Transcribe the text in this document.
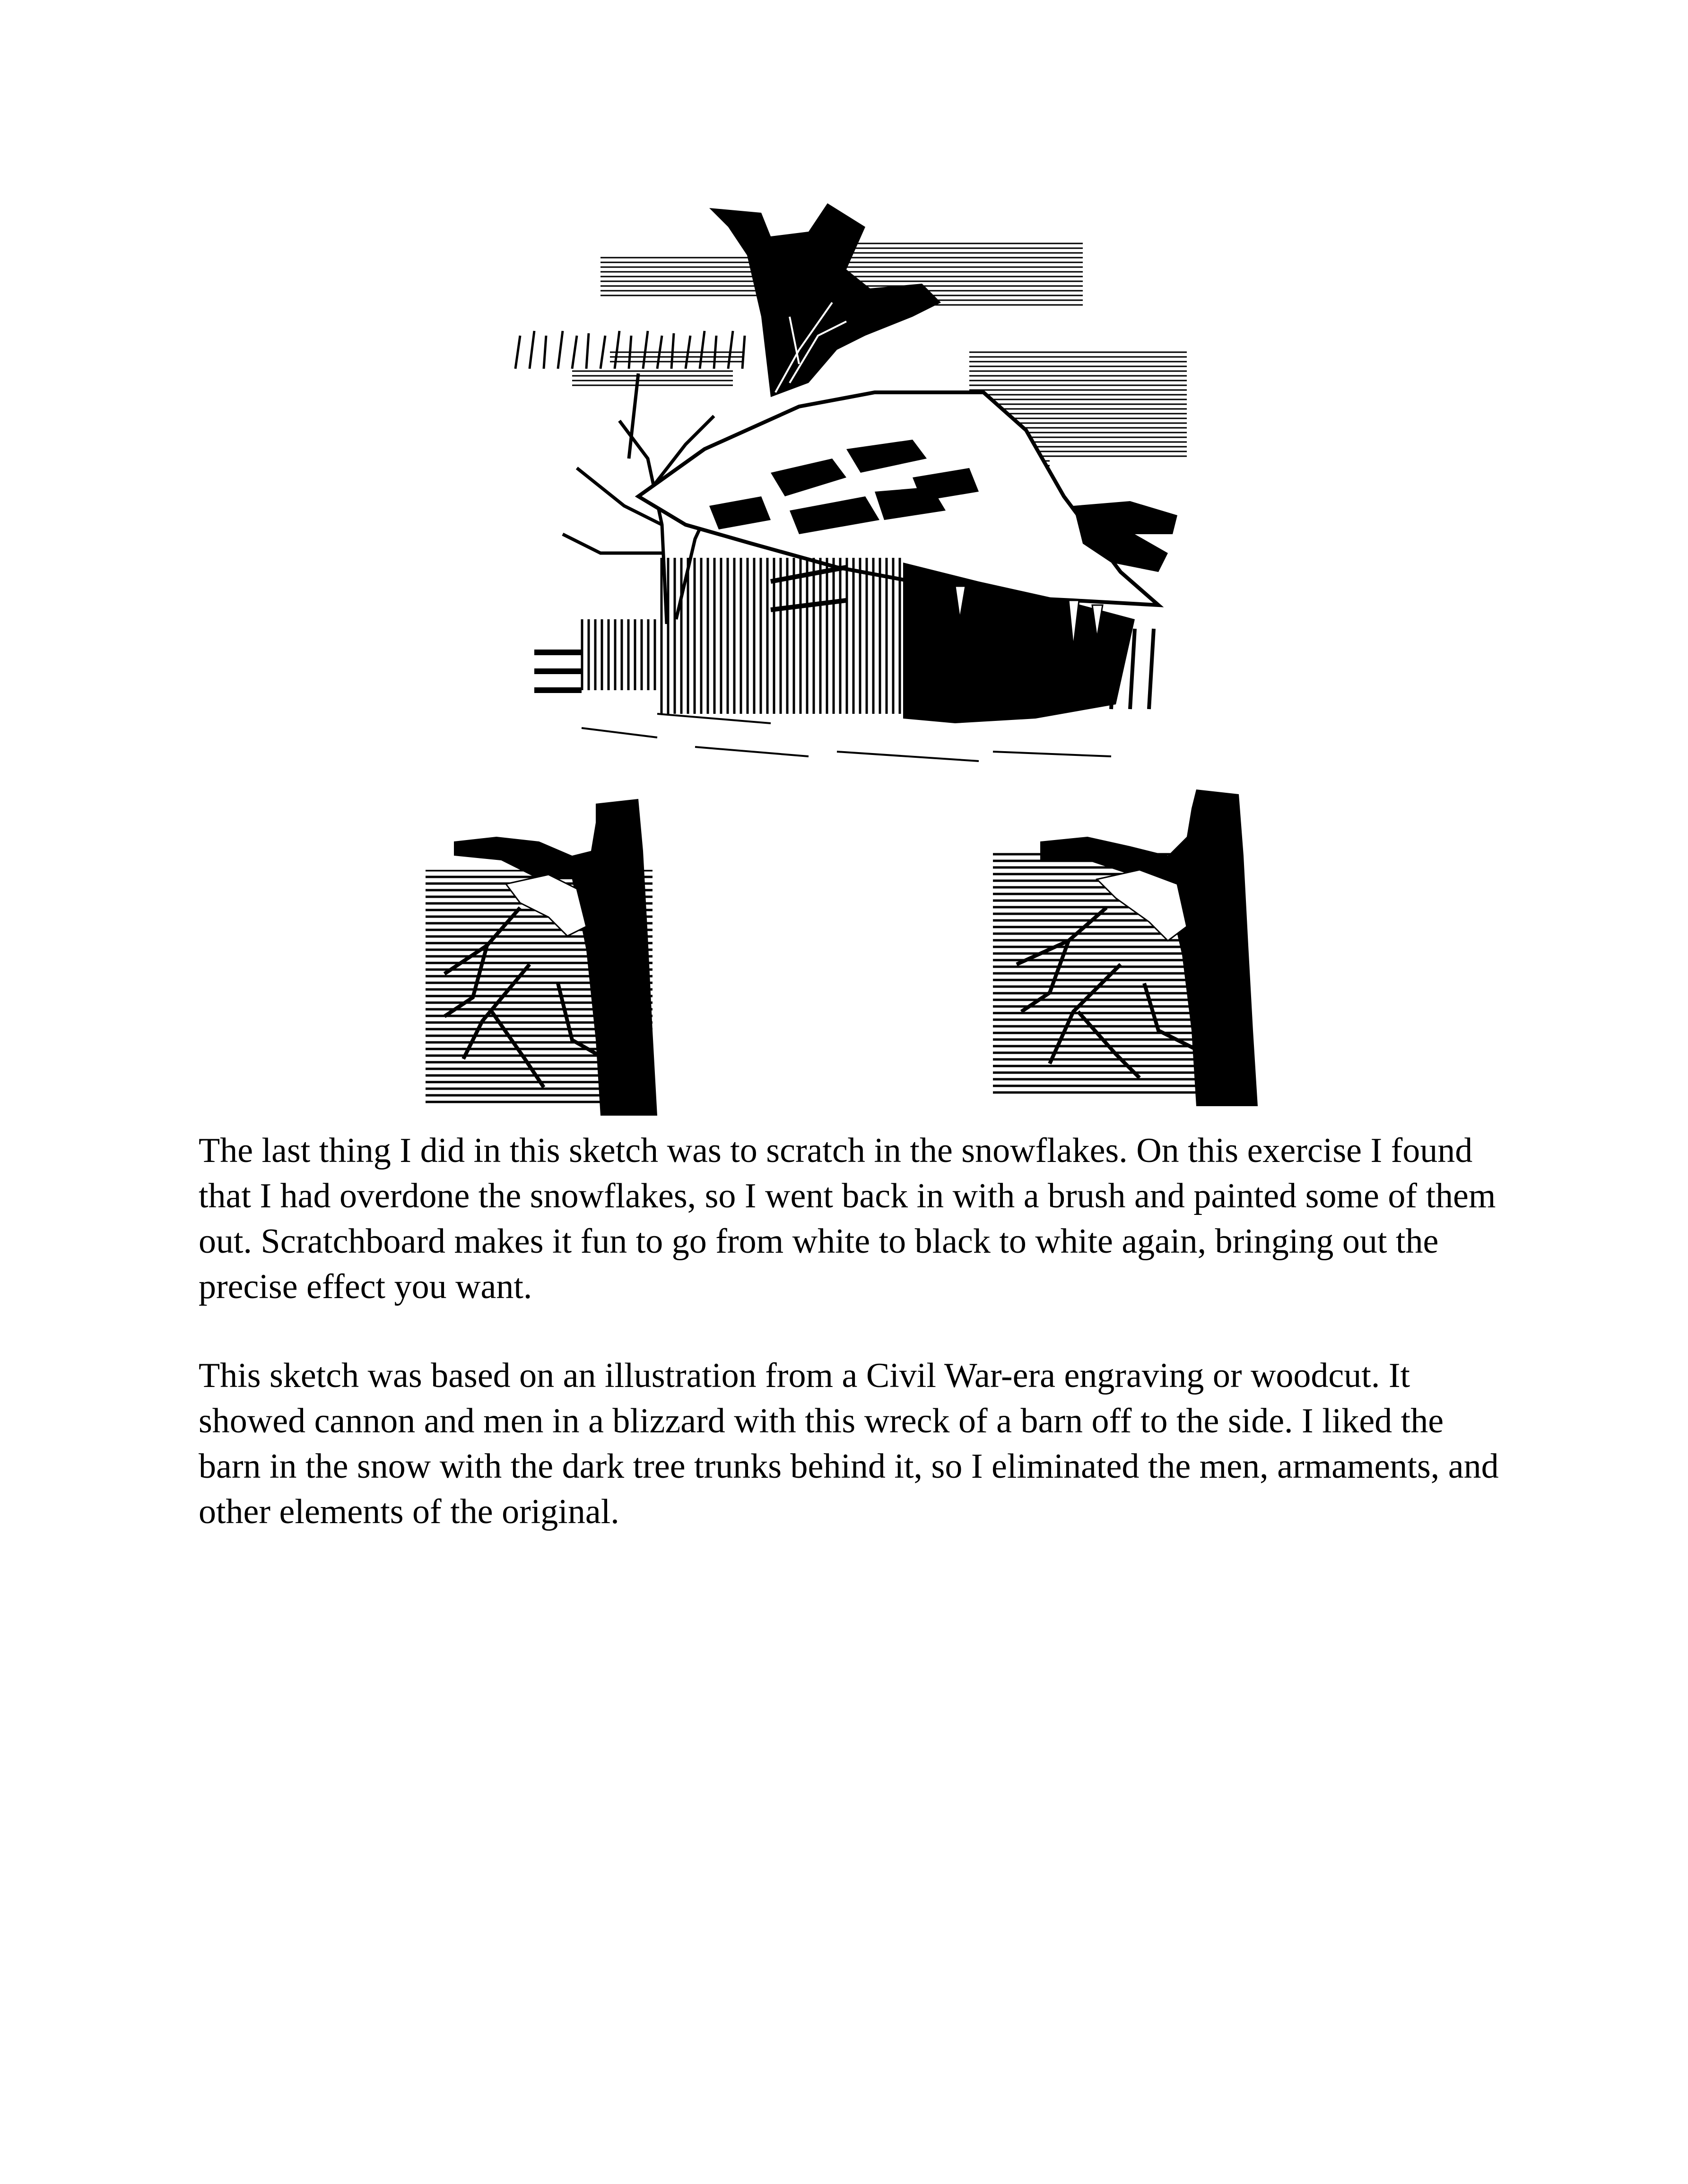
The last thing I did in this sketch was to scratch in the snowflakes. On this exercise I found that I had overdone the snowflakes, so I went back in with a brush and painted some of them out. Scratchboard makes it fun to go from white to black to white again, bringing out the precise effect you want.

This sketch was based on an illustration from a Civil War-era engraving or woodcut. It showed cannon and men in a blizzard with this wreck of a barn off to the side. I liked the barn in the snow with the dark tree trunks behind it, so I eliminated the men, armaments, and other elements of the original.
